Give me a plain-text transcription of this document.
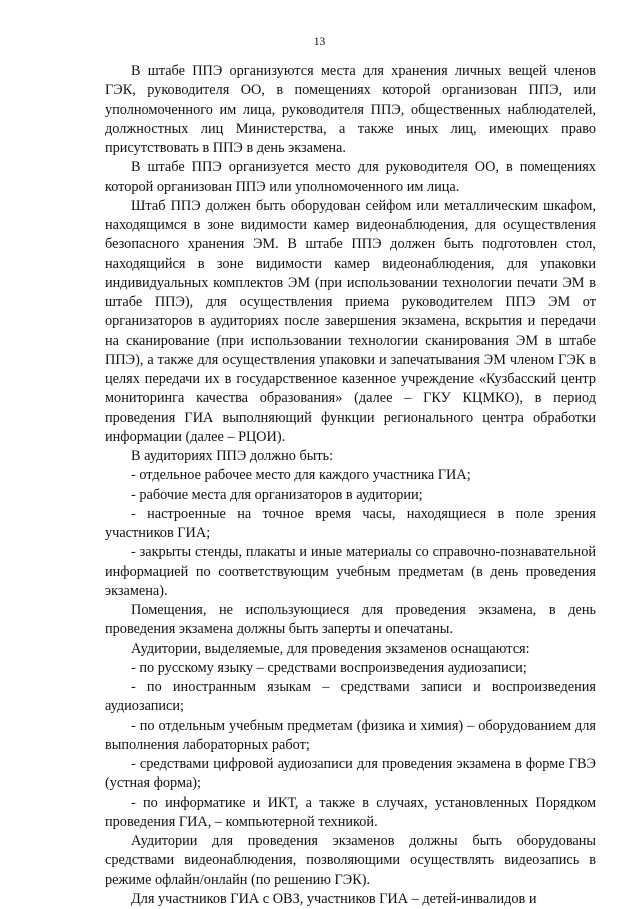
13

В штабе ППЭ организуются места для хранения личных вещей членов ГЭК, руководителя ОО, в помещениях которой организован ППЭ, или уполномоченного им лица, руководителя ППЭ, общественных наблюдателей, должностных лиц Министерства, а также иных лиц, имеющих право присутствовать в ППЭ в день экзамена.

В штабе ППЭ организуется место для руководителя ОО, в помещениях которой организован ППЭ или уполномоченного им лица.

Штаб ППЭ должен быть оборудован сейфом или металлическим шкафом, находящимся в зоне видимости камер видеонаблюдения, для осуществления безопасного хранения ЭМ. В штабе ППЭ должен быть подготовлен стол, находящийся в зоне видимости камер видеонаблюдения, для упаковки индивидуальных комплектов ЭМ (при использовании технологии печати ЭМ в штабе ППЭ), для осуществления приема руководителем ППЭ ЭМ от организаторов в аудиториях после завершения экзамена, вскрытия и передачи на сканирование (при использовании технологии сканирования ЭМ в штабе ППЭ), а также для осуществления упаковки и запечатывания ЭМ членом ГЭК в целях передачи их в государственное казенное учреждение «Кузбасский центр мониторинга качества образования» (далее – ГКУ КЦМКО), в период проведения ГИА выполняющий функции регионального центра обработки информации (далее – РЦОИ).

В аудиториях ППЭ должно быть:

- отдельное рабочее место для каждого участника ГИА;

- рабочие места для организаторов в аудитории;

- настроенные на точное время часы, находящиеся в поле зрения участников ГИА;

- закрыты стенды, плакаты и иные материалы со справочно-познавательной информацией по соответствующим учебным предметам (в день проведения экзамена).

Помещения, не использующиеся для проведения экзамена, в день проведения экзамена должны быть заперты и опечатаны.

Аудитории, выделяемые, для проведения экзаменов оснащаются:

- по русскому языку – средствами воспроизведения аудиозаписи;

- по иностранным языкам – средствами записи и воспроизведения аудиозаписи;

- по отдельным учебным предметам (физика и химия) – оборудованием для выполнения лабораторных работ;

- средствами цифровой аудиозаписи для проведения экзамена в форме ГВЭ (устная форма);

- по информатике и ИКТ, а также в случаях, установленных Порядком проведения ГИА, – компьютерной техникой.

Аудитории для проведения экзаменов должны быть оборудованы средствами видеонаблюдения, позволяющими осуществлять видеозапись в режиме офлайн/онлайн (по решению ГЭК).

Для участников ГИА с ОВЗ, участников ГИА – детей-инвалидов и
